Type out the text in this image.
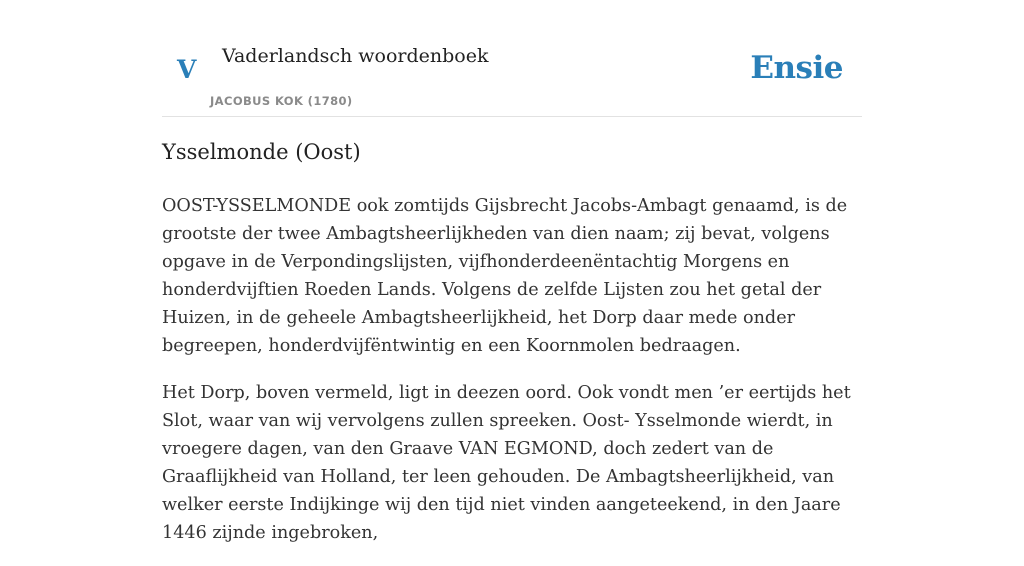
V Vaderlandsch woordenboek
JACOBUS KOK (1780)
Ensie
Ysselmonde (Oost)

OOST-YSSELMONDE ook zomtijds Gijsbrecht Jacobs-Ambagt genaamd, is de grootste der twee Ambagtsheerlijkheden van dien naam; zij bevat, volgens opgave in de Verpondingslijsten, vijfhonderdeenëntachtig Morgens en honderdvijftien Roeden Lands. Volgens de zelfde Lijsten zou het getal der Huizen, in de geheele Ambagtsheerlijkheid, het Dorp daar mede onder begreepen, honderdvijfëntwintig en een Koornmolen bedraagen.

Het Dorp, boven vermeld, ligt in deezen oord. Ook vondt men ’er eertijds het Slot, waar van wij vervolgens zullen spreeken. Oost- Ysselmonde wierdt, in vroegere dagen, van den Graave VAN EGMOND, doch zedert van de Graaflijkheid van Holland, ter leen gehouden. De Ambagtsheerlijkheid, van welker eerste Indijkinge wij den tijd niet vinden aangeteekend, in den Jaare 1446 zijnde ingebroken,
